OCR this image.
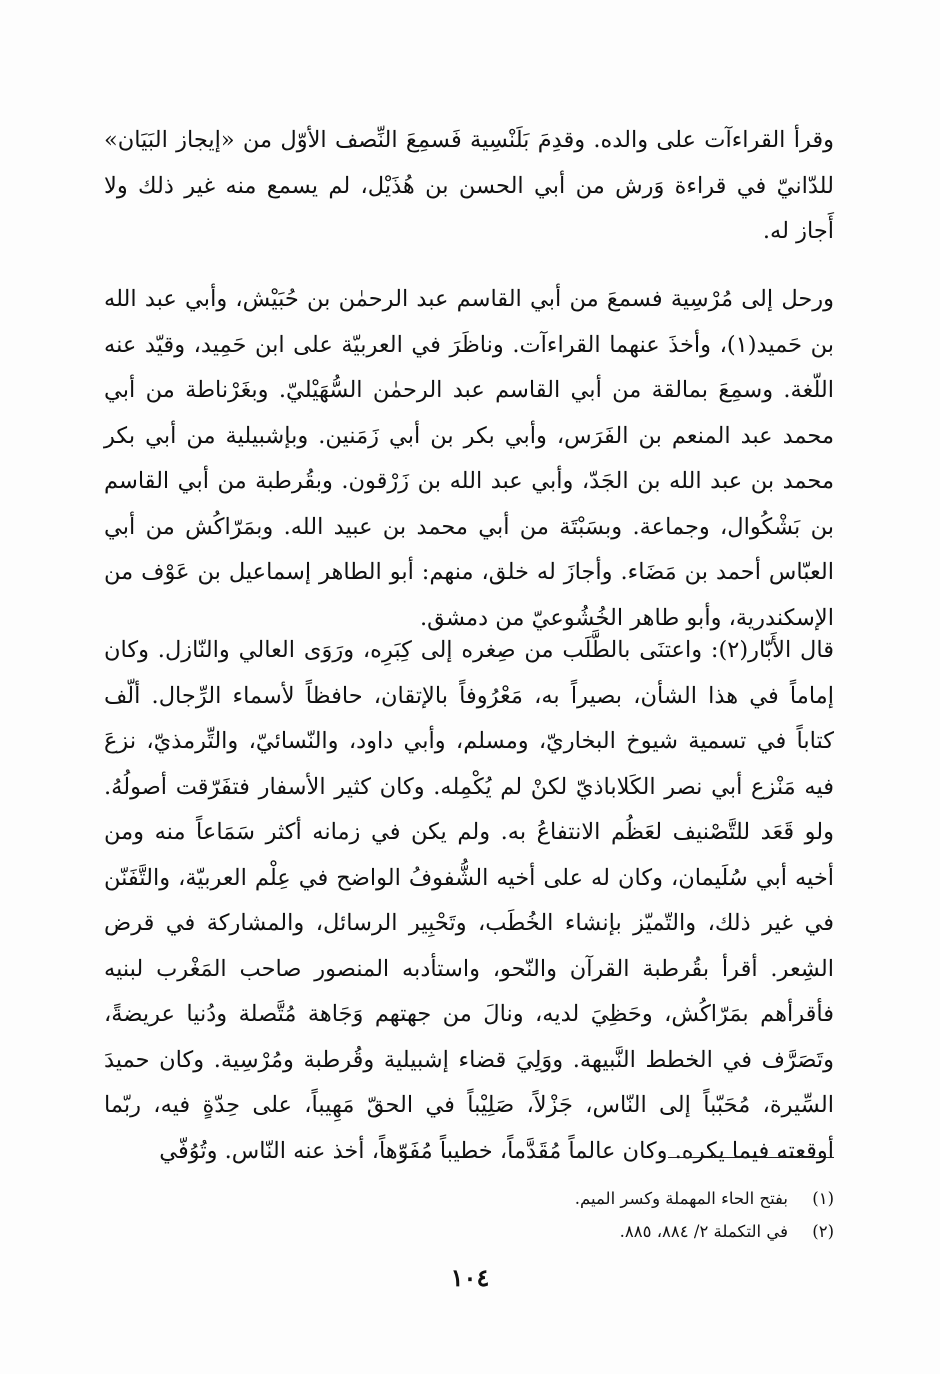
وقرأ القراءآت على والده. وقدِمَ بَلَنْسِية فَسمِعَ النِّصف الأوّل من «إيجاز البَيَان» للدّانيّ في قراءة وَرش من أبي الحسن بن هُذَيْل، لم يسمع منه غير ذلك ولا أَجاز له.

ورحل إلى مُرْسِية فسمعَ من أبي القاسم عبد الرحمٰن بن حُبَيْش، وأبي عبد الله بن حَميد(١)، وأخذَ عنهما القراءآت. وناظَرَ في العربيّة على ابن حَمِيد، وقيّد عنه اللّغة. وسمِعَ بمالقة من أبي القاسم عبد الرحمٰن السُّهَيْليّ. وبغَرْناطة من أبي محمد عبد المنعم بن الفَرَس، وأبي بكر بن أبي زَمَنين. وبإشبيلية من أبي بكر محمد بن عبد الله بن الجَدّ، وأبي عبد الله بن زَرْقون. وبقُرطبة من أبي القاسم بن بَشْكُوال، وجماعة. وبسَبْتَة من أبي محمد بن عبيد الله. وبمَرّاكُش من أبي العبّاس أحمد بن مَضَاء. وأجازَ له خلق، منهم: أبو الطاهر إسماعيل بن عَوْف من الإسكندرية، وأبو طاهر الخُشُوعيّ من دمشق.

قال الأَبّار(٢): واعتنَى بالطَّلَب من صِغره إلى كِبَرِه، ورَوَى العالي والنّازل. وكان إماماً في هذا الشأن، بصيراً به، مَعْرُوفاً بالإتقان، حافظاً لأسماء الرِّجال. ألّف كتاباً في تسمية شيوخ البخاريّ، ومسلم، وأبي داود، والنّسائيّ، والتِّرمذيّ، نزعَ فيه مَنْزع أبي نصر الكَلاباذيّ لكنْ لم يُكْمِله. وكان كثير الأسفار فتفَرّقت أصولُهُ. ولو قَعَد للتَّصْنيف لعَظُم الانتفاعُ به. ولم يكن في زمانه أكثر سَمَاعاً منه ومن أخيه أبي سُلَيمان، وكان له على أخيه الشُّفوفُ الواضح في عِلْم العربيّة، والتَّفَنّن في غير ذلك، والتّميّز بإنشاء الخُطَب، وتَحْبِير الرسائل، والمشاركة في قرض الشِعر. أقرأ بقُرطبة القرآن والنّحو، واستأدبه المنصور صاحب المَغْرب لبنيه فأقرأهم بمَرّاكُش، وحَظِيَ لديه، ونالَ من جهتهم وَجَاهة مُتَّصلة ودُنيا عريضةً، وتَصَرَّف في الخطط النَّبيهة. ووَلِيَ قضاء إشبيلية وقُرطبة ومُرْسِية. وكان حميدَ السِّيرة، مُحَبّباً إلى النّاس، جَزْلاً، صَلِيْباً في الحقّ مَهِيباً، على حِدّةٍ فيه، ربّما أوقعته فيما يكره. وكان عالماً مُقَدَّماً، خطيباً مُفَوّهاً، أخذ عنه النّاس. وتُوُفّي

(١)بفتح الحاء المهملة وكسر الميم.
(٢)في التكملة ٢/ ٨٨٤، ٨٨٥.
١٠٤
